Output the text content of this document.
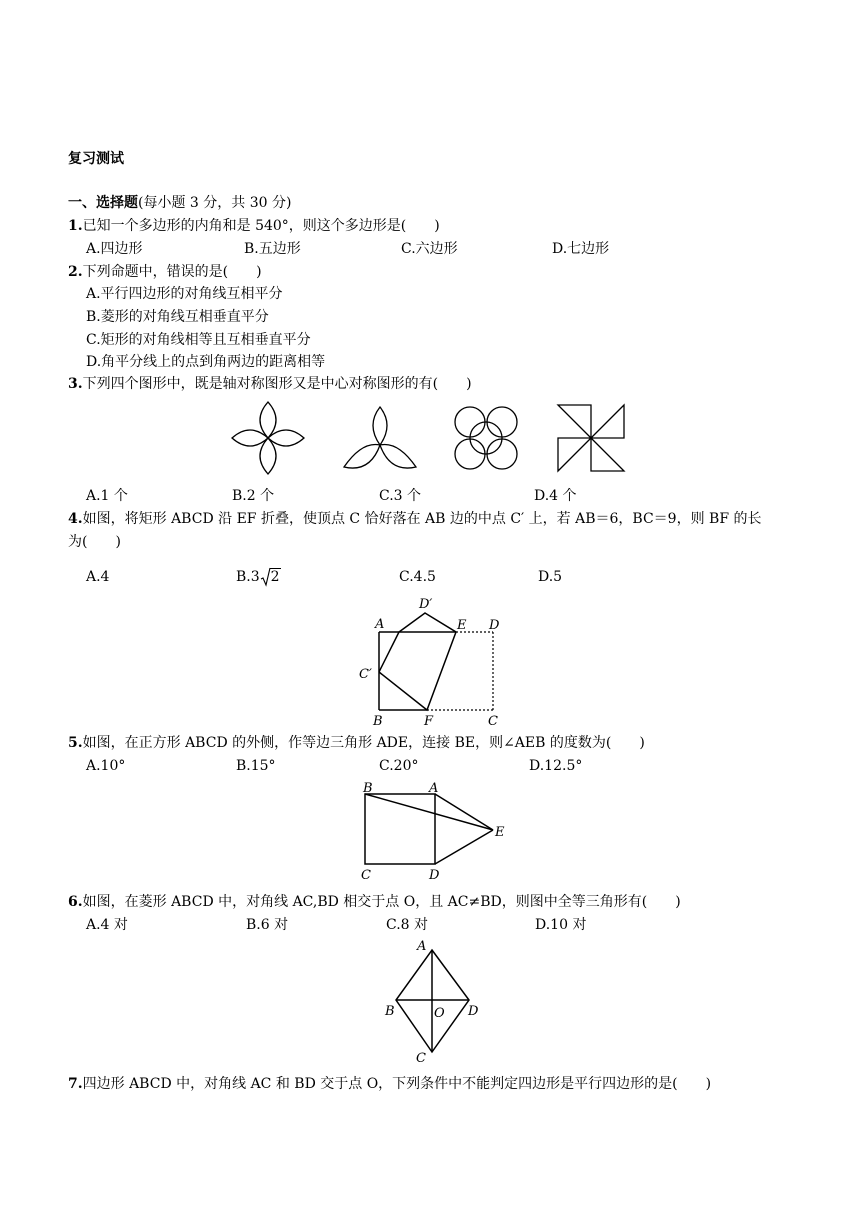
复习测试
一、选择题(每小题 3 分，共 30 分)
1.已知一个多边形的内角和是 540°，则这个多边形是(　　)
A.四边形	B.五边形	C.六边形	D.七边形
2.下列命题中，错误的是(　　)
A.平行四边形的对角线互相平分
B.菱形的对角线互相垂直平分
C.矩形的对角线相等且互相垂直平分
D.角平分线上的点到角两边的距离相等
3.下列四个图形中，既是轴对称图形又是中心对称图形的有(　　)
A.1 个	B.2 个	C.3 个	D.4 个
4.如图，将矩形 ABCD 沿 EF 折叠，使顶点 C 恰好落在 AB 边的中点 C′ 上，若 AB＝6，BC＝9，则 BF 的长
为(　　)
A.4	B.3 2	C.4.5	D.5
A
D′
E D
C′
B	F	C
5.如图，在正方形 ABCD 的外侧，作等边三角形 ADE，连接 BE，则∠AEB 的度数为(　　)
A.10°	B.15°	C.20°	D.12.5°
B	A
E
C	D
6.如图，在菱形 ABCD 中，对角线 AC,BD 相交于点 O，且 AC≠BD，则图中全等三角形有(　　)
A.4 对	B.6 对	C.8 对	D.10 对
A
B	O D
C
7.四边形 ABCD 中，对角线 AC 和 BD 交于点 O，下列条件中不能判定四边形是平行四边形的是(　　)
